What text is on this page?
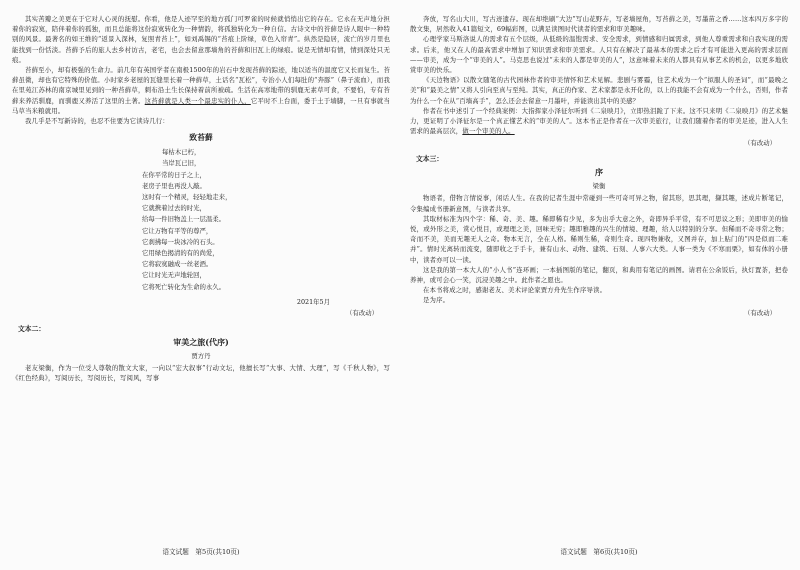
其实苦瓣之美更在于它对人心灵的抚慰。你看，他是人迹罕至的地方孤门可罗雀的时候就悄悄出它的存在。它永在无声地分担着你的寂寞，陪伴着你的孤独，而且总能将这份寂寞转化为一种情韵，将孤独转化为一种自信。古诗文中的苔藓是诗人眼中一种特别的风景。最著名的如王维的“返景入深林，复照青苔上”，如刘禹锡的“苔痕上阶绿，草色入帘青”。纵然是隐居，流亡的岁月里也能找到一份恬淡。苔藓予后的旅人去乡村访古，老宅，也会去留意那墙角的苔藓和旧瓦上的绿痕。说是无情却有情，情到深处只无痕。

苔藓至小，却有极强的生命力。前几年有英国学者在南极1500年的岩石中发现苔藓的踪迹，地以适当的温度它又长而复生。苔藓虽微，却也有它特殊的价值。小时家乡老屋的瓦缝里长着一种藓草，土话名“瓦松”，专治小人们每肚的“奔豚”（鼻子流血），而我在里苑江苏林的南京城里见到的一种苔藓草，刺布沿土生长保持着前所被疏。生活在高寒地带的驯鹿无素草可食，不要怕，专有苔藓来养活驯鹿，而驯鹿又养活了这里的土著。这苔藓就是人类一个最忠实的仆人，它平时不上台面，委于土于墙脚，一旦有事就当马草当米粮就用。

我几乎是不写新诗的，也忍不住要为它读诗几行：

致苔藓

每枯木已朽，

当岸瓦已旧，

在你平常的日子之上，

老房子里也再没人敲。

这时有一个精灵，轻轻地走来，

它就携着过去的时光，

给每一件旧物盖上一层温柔。

它让万物有平等的尊严，

它刹拂每一块冰冷的石头。

它用绿色揭清的有的尚爱，

它将寂寞融成一丝老酒。

它让时光无声地轮回，

它将死亡转化为生命的永久。

2021年5月
（有改动）
文本二：
审美之旅(代序)
贾方丹

老友梁衡，作为一位受人尊敬的散文大家，一向以“宏大叙事”行动文坛，他擅长写“大事、大情、大理”，写《千秋人物》，写《红色经典》，写阅历长，写阅历长，写阅风，写事

语文试题　第5页(共10页)

奔放，写名山大川，写古迹遗存。现在却绝刷“大边”写山花野卉，写老墙屋角，写苔藓之美，写墨苗之香……这本四万多字的散文集，居然收入41篇短文，69幅彩图，以满足读图时代读者的需求和审美趣味。

心理学家马斯洛说人的需求有五个层级，从低级的温饱需求、安全需求，到情感和归属需求，到他人尊重需求和自我实现的需求。后来，他又在人的最高需求中增加了知识需求和审美需求。人只有在解决了最基本的需求之后才有可能进入更高的需求层面——审美，成为一个“审美的人”。马克思也说过“未来的人都是审美的人”，这意味着未来的人都具有从事艺术的机会，以更多地欣赏审美的快乐。

《天边物语》以散文随笔的古代园林作者的审美情怀和艺术见解。悲剧与雾霾，往艺术成为一个“拟服人的圣词”，而“最晚之美”和“最美之情”又将人引向至真与至纯。其实，真正的作家、艺术家都是永开化的，以上的我能不会有成为一个什么，否则，作者为什么一个在从“百墙高手”，怎么还会去留意一月墨叶，并能读出其中的美感？

作者在书中述引了一个经典案例：大指挥家小泽征尔听到《二泉映月》，立即热泪跪了下来。这不只来明《二泉映月》的艺术魅力，更证明了小泽征尔是一个真正懂艺术的“审美的人”。这本书正是作者在一次审美旅行，让我们随着作者的审美足迹，进入人生需求的最高层次，做一个审美的人。

（有改动）
文本三：
序
梁衡

物语者，借物言情说事，闲话人生。在我的记者生涯中常碰到一些可奇可异之物，留其形，思其理，撷其趣，述成片断笔记，令集编成书册新意图，与读者共享。

其取材标准为四个字：稀、奇、美、趣。稀即稀有少见，多为出乎大意之外，奇即异乎平常，有不可思议之形；美即审美的愉悦，或外形之美，赏心悦目，或理理之美，回味无穷；趣即雅趣的兴生的情境、理趣，给人以特别的分享。但稀而不奇寻常之物；奇而不美，美而无趣无人之奇。物本无言，全在人格。稀则生稀，奇则生奇。现四物兼收，又图并存，加上貼门的“四是似而二难并”。情时光离转而流变，随即收之于手卡，兼有山水、动物、建筑、石刻、人事六大类。人事一类为《不寒而栗》，如有体的小册中，读者亦可以一读。

这是我的第一本大人的“小人书”连环画；一本插图版的笔记，翻页，和典用有笔记的画图。请君在公余饭后，执灯置茶，把卷养神，或可会心一笑，沉浸美趣之中。此作者之愿也。

在本书将成之时，感谢老友、美术评论家贾方舟先生作序导读。

是为序。

（有改动）
语文试题　第6页(共10页)
